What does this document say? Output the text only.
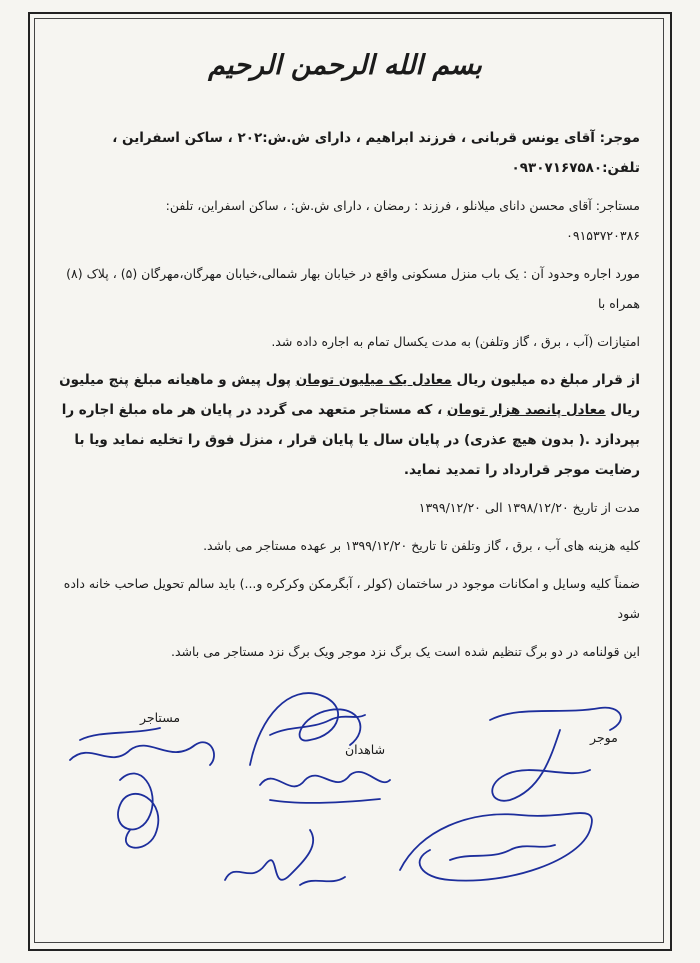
بسم الله الرحمن الرحیم

موجر: آقای یونس قربانی ، فرزند ابراهیم ، دارای ش.ش:۲۰۲ ، ساکن اسفراین ، تلفن:۰۹۳۰۷۱۶۷۵۸۰

مستاجر: آقای محسن دانای میلانلو ، فرزند : رمضان ، دارای ش.ش: ، ساکن اسفراین، تلفن:

۰۹۱۵۳۷۲۰۳۸۶

مورد اجاره وحدود آن : یک باب منزل مسکونی واقع در خیابان بهار شمالی،خیابان مهرگان،مهرگان (۵) ، پلاک (۸) همراه با

امتیازات (آب ، برق ، گاز وتلفن) به مدت یکسال تمام به اجاره داده شد.

از قرار مبلغ ده میلیون ریال معادل یک میلیون تومان پول پیش و ماهیانه مبلغ پنج میلیون ریال معادل پانصد هزار تومان ، که مستاجر متعهد می گردد در پایان هر ماه مبلغ اجاره را بپردازد .( بدون هیچ عذری) در پایان سال یا پایان قرار ، منزل فوق را تخلیه نماید ویا با رضایت موجر قرارداد را تمدید نماید.

مدت از تاریخ ۱۳۹۸/۱۲/۲۰ الی ۱۳۹۹/۱۲/۲۰

کلیه هزینه های آب ، برق ، گاز وتلفن تا تاریخ ۱۳۹۹/۱۲/۲۰ بر عهده مستاجر می باشد.

ضمناً کلیه وسایل و امکانات موجود در ساختمان (کولر ، آبگرمکن وکرکره و...) باید سالم تحویل صاحب خانه داده شود

این قولنامه در دو برگ تنظیم شده است یک برگ نزد موجر ویک برگ نزد مستاجر می باشد.

مستاجر
شاهدان
موجر
